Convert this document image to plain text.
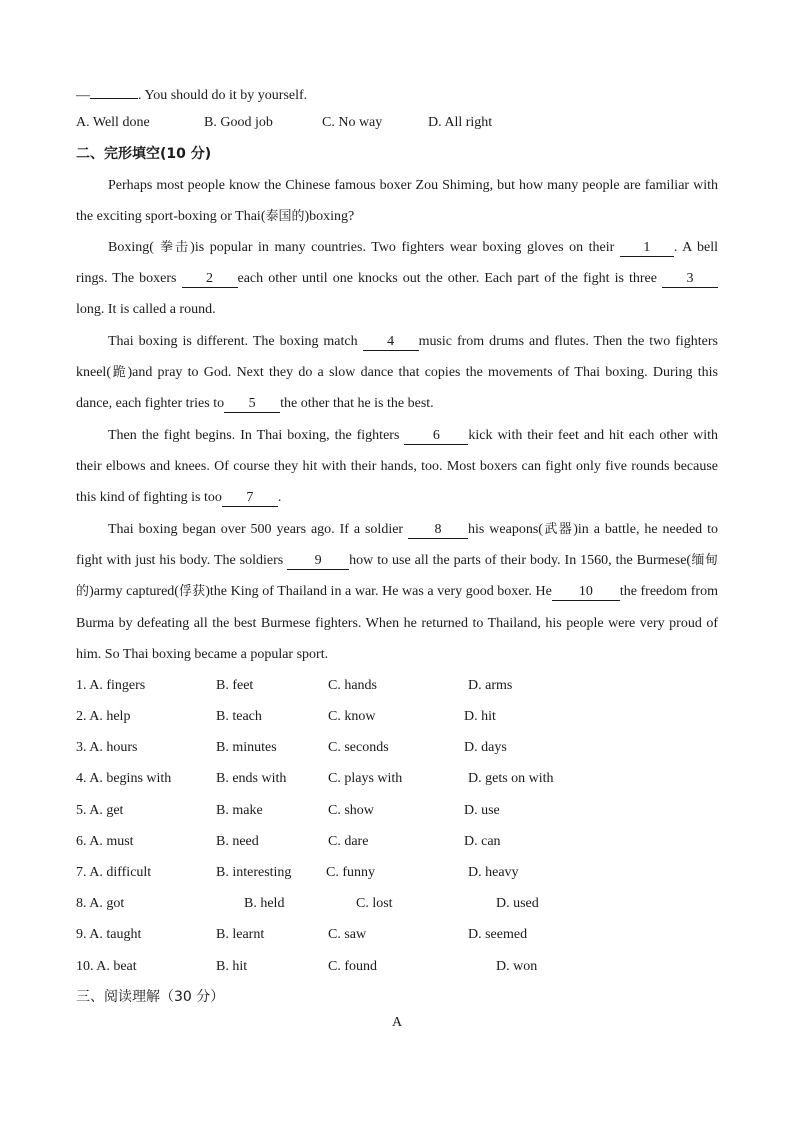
—	. You should do it by yourself.
A. Well done	B. Good job	C. No way	D. All right
二、完形填空(10 分)
Perhaps most people know the Chinese famous boxer Zou Shiming, but how many people are familiar with the exciting sport-boxing or Thai(泰国的)boxing?
Boxing( 拳击)is popular in many countries. Two fighters wear boxing gloves on their 1 . A bell rings. The boxers 2 each other until one knocks out the other. Each part of the fight is three 3long. It is called a round.
Thai boxing is different. The boxing match 4 music from drums and flutes. Then the two fighters kneel(跪)and pray to God. Next they do a slow dance that copies the movements of Thai boxing. During this dance, each fighter tries to 5 the other that he is the best.
Then the fight begins. In Thai boxing, the fighters 6 kick with their feet and hit each other with their elbows and knees. Of course they hit with their hands, too. Most boxers can fight only five rounds because this kind of fighting is too 7 .
Thai boxing began over 500 years ago. If a soldier 8 his weapons(武器)in a battle, he needed to fight with just his body. The soldiers 9 how to use all the parts of their body. In 1560, the Burmese(缅甸的)army captured(俘获)the King of Thailand in a war. He was a very good boxer. He 10 the freedom from Burma by defeating all the best Burmese fighters. When he returned to Thailand, his people were very proud of him. So Thai boxing became a popular sport.
1. A. fingers	B. feet	C. hands	D. arms
2. A. help	B. teach	C. know	D. hit
3. A. hours	B. minutes	C. seconds	D. days
4. A. begins with	B. ends with	C. plays with	D. gets on with
5. A. get	B. make	C. show	D. use
6. A. must	B. need	C. dare	D. can
7. A. difficult	B. interesting C. funny	D. heavy
8. A. got	B. held	C. lost	D. used
9. A. taught	B. learnt	C. saw	D. seemed
10. A. beat	B. hit	C. found	D. won
三、阅读理解（30 分）
A
